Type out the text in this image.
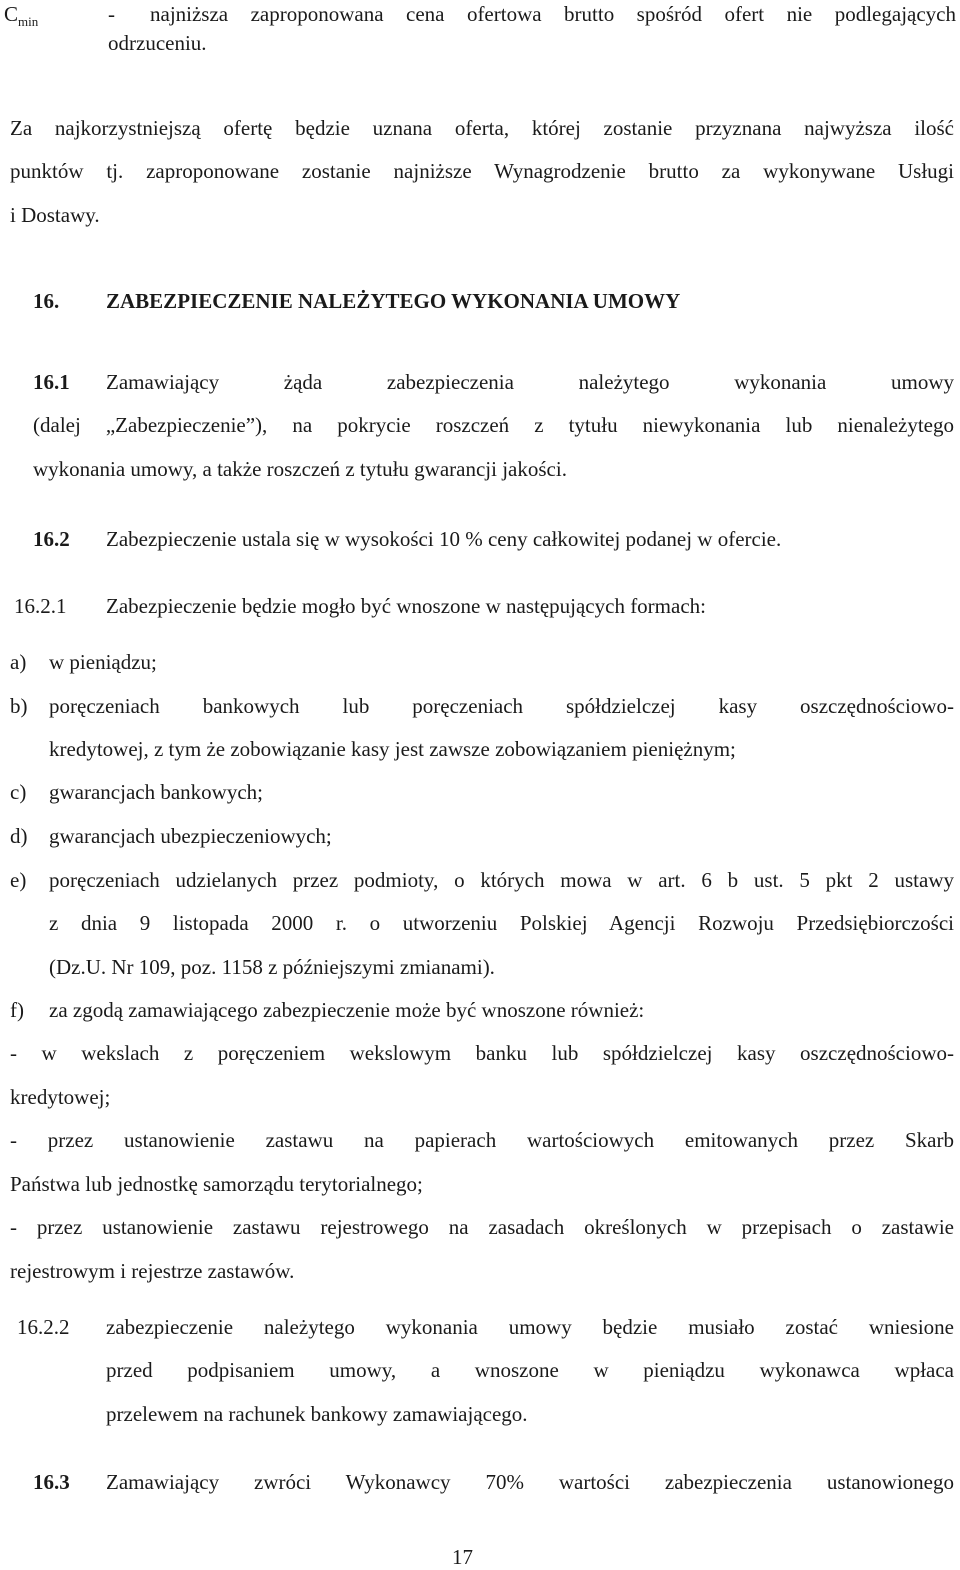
$C_{min}$	- najniższa zaproponowana cena ofertowa brutto spośród ofert nie podlegających
odrzuceniu.
Za najkorzystniejszą ofertę będzie uznana oferta, której zostanie przyznana najwyższa ilość
punktów tj. zaproponowane zostanie najniższe Wynagrodzenie brutto za wykonywane Usługi
i Dostawy.
16. ZABEZPIECZENIE NALEŻYTEGO WYKONANIA UMOWY
16.1 Zamawiający żąda zabezpieczenia należytego wykonania umowy
(dalej „Zabezpieczenie”), na pokrycie roszczeń z tytułu niewykonania lub nienależytego
wykonania umowy, a także roszczeń z tytułu gwarancji jakości.
16.2 Zabezpieczenie ustala się w wysokości 10 % ceny całkowitej podanej w ofercie.
16.2.1 Zabezpieczenie będzie mogło być wnoszone w następujących formach:
a) w pieniądzu;
b) poręczeniach bankowych lub poręczeniach spółdzielczej kasy oszczędnościowo-
kredytowej, z tym że zobowiązanie kasy jest zawsze zobowiązaniem pieniężnym;
c) gwarancjach bankowych;
d) gwarancjach ubezpieczeniowych;
e) poręczeniach udzielanych przez podmioty, o których mowa w art. 6 b ust. 5 pkt 2 ustawy
z dnia 9 listopada 2000 r. o utworzeniu Polskiej Agencji Rozwoju Przedsiębiorczości
(Dz.U. Nr 109, poz. 1158 z późniejszymi zmianami).
f) za zgodą zamawiającego zabezpieczenie może być wnoszone również:
- w wekslach z poręczeniem wekslowym banku lub spółdzielczej kasy oszczędnościowo-
kredytowej;
- przez ustanowienie zastawu na papierach wartościowych emitowanych przez Skarb
Państwa lub jednostkę samorządu terytorialnego;
- przez ustanowienie zastawu rejestrowego na zasadach określonych w przepisach o zastawie
rejestrowym i rejestrze zastawów.
16.2.2 zabezpieczenie należytego wykonania umowy będzie musiało zostać wniesione
przed podpisaniem umowy, a wnoszone w pieniądzu wykonawca wpłaca
przelewem na rachunek bankowy zamawiającego.
16.3 Zamawiający zwróci Wykonawcy 70% wartości zabezpieczenia ustanowionego
17
